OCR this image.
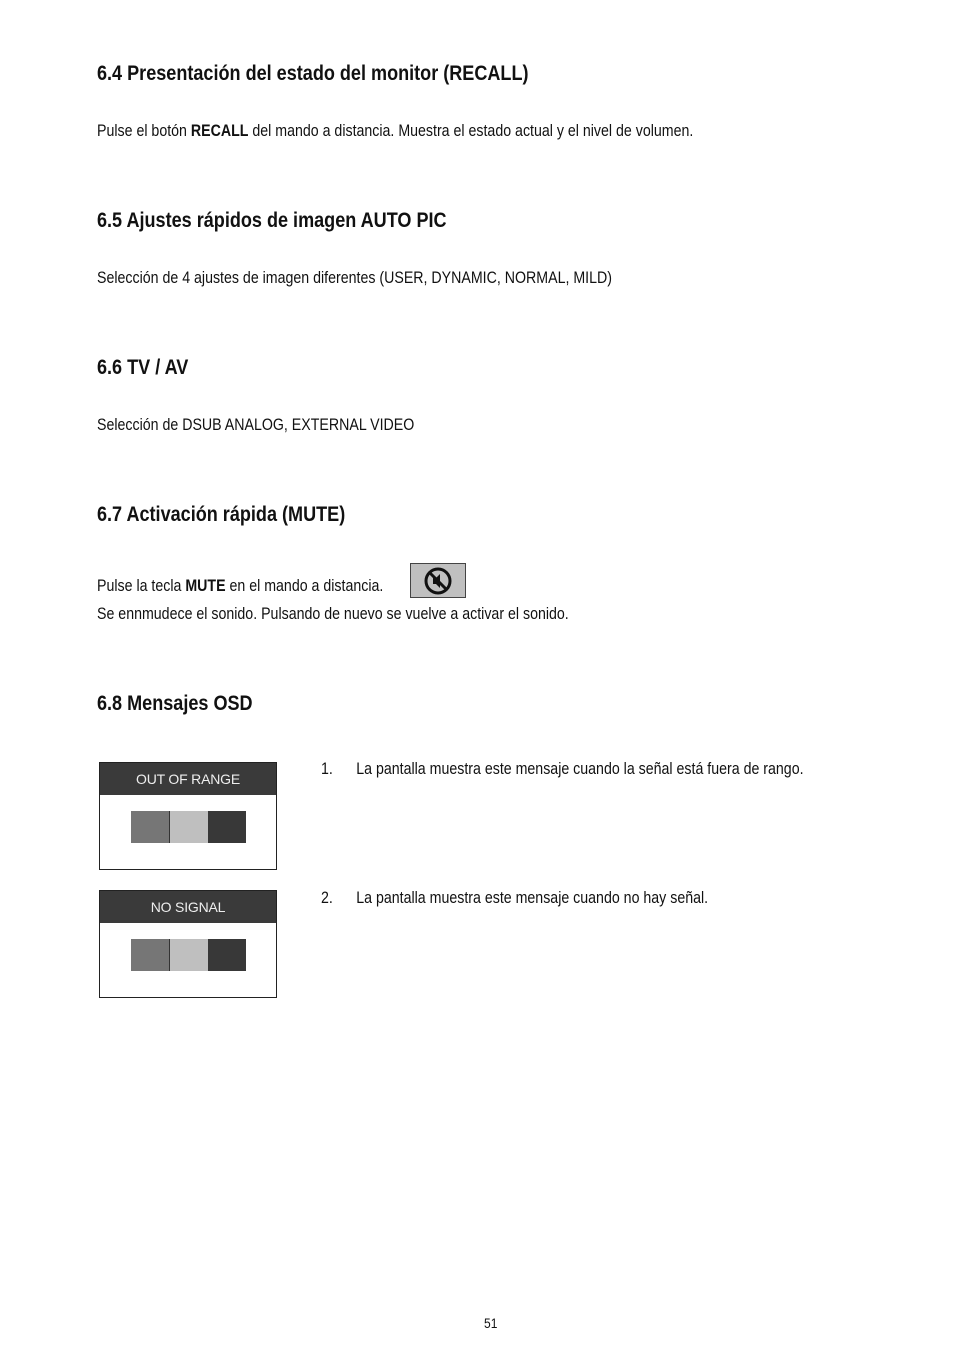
6.4 Presentación del estado del monitor (RECALL)
Pulse el botón RECALL del mando a distancia. Muestra el estado actual y el nivel de volumen.
6.5 Ajustes rápidos de imagen AUTO PIC
Selección de 4 ajustes de imagen diferentes (USER, DYNAMIC, NORMAL, MILD)
6.6 TV / AV
Selección de DSUB ANALOG, EXTERNAL VIDEO
6.7 Activación rápida (MUTE)
Pulse la tecla MUTE en el mando a distancia.
Se ennmudece el sonido. Pulsando de nuevo se vuelve a activar el sonido.
6.8 Mensajes OSD
OUT OF RANGE
1. La pantalla muestra este mensaje cuando la señal está fuera de rango.
NO SIGNAL	2. La pantalla muestra este mensaje cuando no hay señal.
51
